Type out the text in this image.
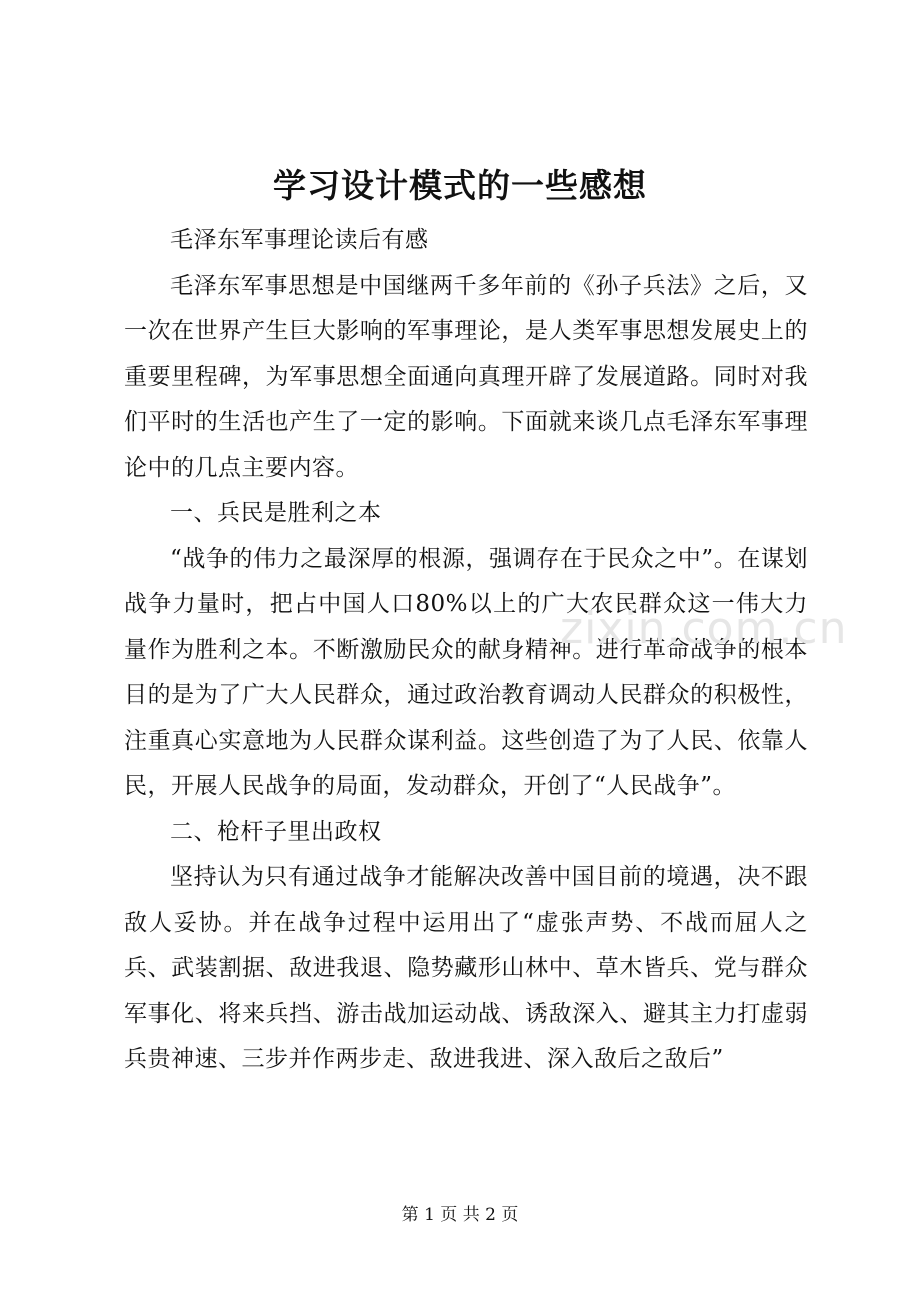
学习设计模式的一些感想

毛泽东军事理论读后有感

毛泽东军事思想是中国继两千多年前的《孙子兵法》之后，又一次在世界产生巨大影响的军事理论，是人类军事思想发展史上的重要里程碑，为军事思想全面通向真理开辟了发展道路。同时对我们平时的生活也产生了一定的影响。下面就来谈几点毛泽东军事理论中的几点主要内容。

一、兵民是胜利之本

“战争的伟力之最深厚的根源，强调存在于民众之中”。在谋划战争力量时，把占中国人口80%以上的广大农民群众这一伟大力量作为胜利之本。不断激励民众的献身精神。进行革命战争的根本目的是为了广大人民群众，通过政治教育调动人民群众的积极性，注重真心实意地为人民群众谋利益。这些创造了为了人民、依靠人民，开展人民战争的局面，发动群众，开创了“人民战争”。

二、枪杆子里出政权

坚持认为只有通过战争才能解决改善中国目前的境遇，决不跟敌人妥协。并在战争过程中运用出了“虚张声势、不战而屈人之兵、武装割据、敌进我退、隐势藏形山林中、草木皆兵、党与群众军事化、将来兵挡、游击战加运动战、诱敌深入、避其主力打虚弱兵贵神速、三步并作两步走、敌进我进、深入敌后之敌后”

zixin.com.cn
第 1 页 共 2 页
